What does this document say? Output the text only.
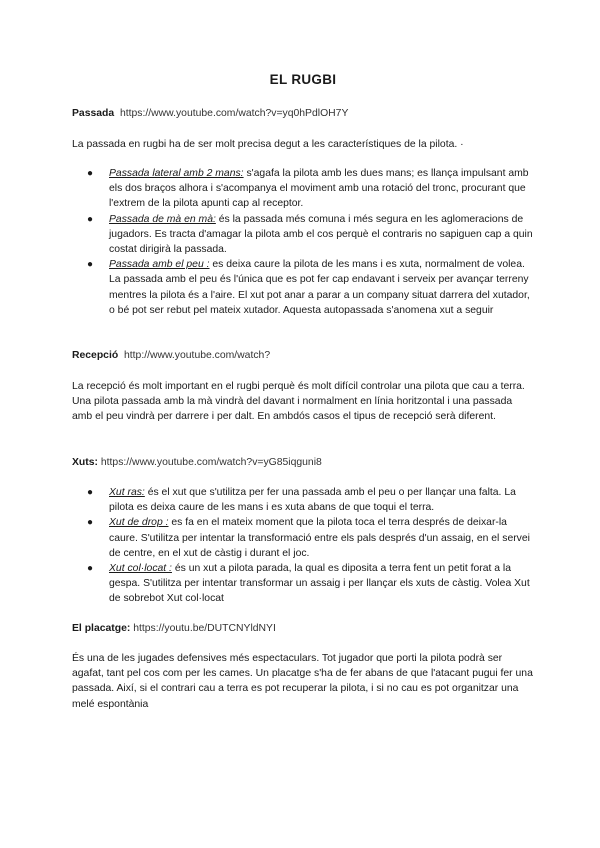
EL RUGBI
Passada https://www.youtube.com/watch?v=yq0hPdlOH7Y
La passada en rugbi ha de ser molt precisa degut a les característiques de la pilota. ·
● Passada lateral amb 2 mans: s'agafa la pilota amb les dues mans; es llança impulsant amb els dos braços alhora i s'acompanya el moviment amb una rotació del tronc, procurant que l'extrem de la pilota apunti cap al receptor.
● Passada de mà en mà: és la passada més comuna i més segura en les aglomeracions de jugadors. Es tracta d'amagar la pilota amb el cos perquè el contraris no sapiguen cap a quin costat dirigirà la passada.
● Passada amb el peu : es deixa caure la pilota de les mans i es xuta, normalment de volea. La passada amb el peu és l'única que es pot fer cap endavant i serveix per avançar terreny mentres la pilota és a l'aire. El xut pot anar a parar a un company situat darrera del xutador, o bé pot ser rebut pel mateix xutador. Aquesta autopassada s'anomena xut a seguir
Recepció http://www.youtube.com/watch?
La recepció és molt important en el rugbi perquè és molt difícil controlar una pilota que cau a terra. Una pilota passada amb la mà vindrà del davant i normalment en línia horitzontal i una passada amb el peu vindrà per darrere i per dalt. En ambdós casos el tipus de recepció serà diferent.
Xuts: https://www.youtube.com/watch?v=yG85iqguni8
● Xut ras: és el xut que s'utilitza per fer una passada amb el peu o per llançar una falta. La pilota es deixa caure de les mans i es xuta abans de que toqui el terra.
● Xut de drop : es fa en el mateix moment que la pilota toca el terra després de deixar-la caure. S'utilitza per intentar la transformació entre els pals després d'un assaig, en el servei de centre, en el xut de càstig i durant el joc.
● Xut col·locat : és un xut a pilota parada, la qual es diposita a terra fent un petit forat a la gespa. S'utilitza per intentar transformar un assaig i per llançar els xuts de càstig. Volea Xut de sobrebot Xut col·locat
El placatge: https://youtu.be/DUTCNYldNYI
És una de les jugades defensives més espectaculars. Tot jugador que porti la pilota podrà ser agafat, tant pel cos com per les cames. Un placatge s'ha de fer abans de que l'atacant pugui fer una passada. Així, si el contrari cau a terra es pot recuperar la pilota, i si no cau es pot organitzar una melé espontània
